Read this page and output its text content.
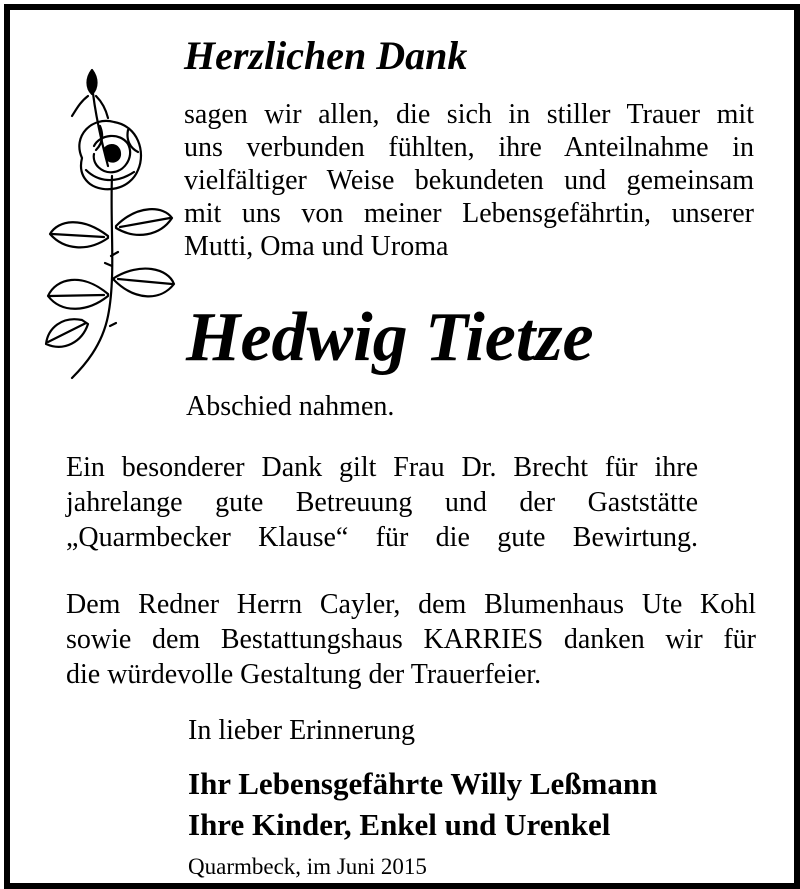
Herzlichen Dank
sagen wir allen, die sich in stiller Trauer mit
uns verbunden fühlten, ihre Anteilnahme in
vielfältiger Weise bekundeten und gemeinsam
mit uns von meiner Lebensgefährtin, unserer
Mutti, Oma und Uroma
Hedwig Tietze
Abschied nahmen.
Ein besonderer Dank gilt Frau Dr. Brecht für ihre
jahrelange gute Betreuung und der Gaststätte
„Quarmbecker Klause“ für die gute Bewirtung.
Dem Redner Herrn Cayler, dem Blumenhaus Ute Kohl
sowie dem Bestattungshaus KARRIES danken wir für
die würdevolle Gestaltung der Trauerfeier.
In lieber Erinnerung
Ihr Lebensgefährte Willy Leßmann
Ihre Kinder, Enkel und Urenkel
Quarmbeck, im Juni 2015
